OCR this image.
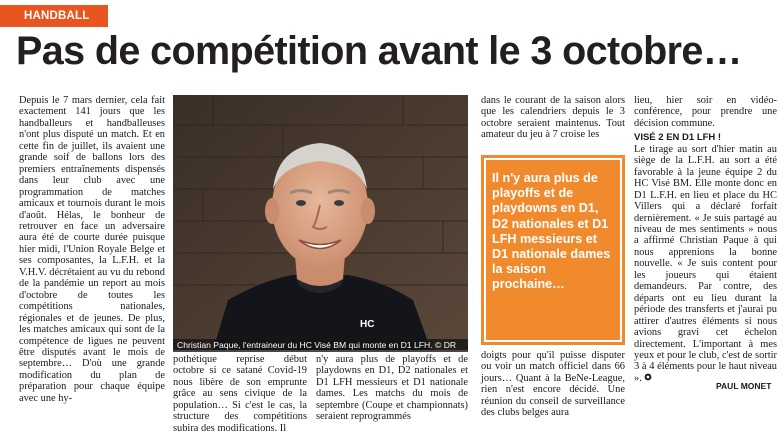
HANDBALL
Pas de compétition avant le 3 octobre…

Depuis le 7 mars dernier, cela fait exactement 141 jours que les handballeurs et handballeuses n'ont plus disputé un match. Et en cette fin de juillet, ils avaient une grande soif de ballons lors des premiers entraînements dispensés dans leur club avec une programmation de matches amicaux et tournois durant le mois d'août. Hélas, le bonheur de retrouver en face un adversaire aura été de courte durée puisque hier midi, l'Union Royale Belge et ses composantes, la L.F.H. et la V.H.V. décrétaient au vu du rebond de la pandémie un report au mois d'octobre de toutes les compétitions nationales, régionales et de jeunes. De plus, les matches amicaux qui sont de la compétence de ligues ne peuvent être disputés avant le mois de septembre… D'où une grande modification du plan de préparation pour chaque équipe avec une hy-

HC
Christian Paque, l'entraineur du HC Visé BM qui monte en D1 LFH. © DR

pothétique reprise début octobre si ce satané Covid-19 nous libère de son emprunte grâce au sens civique de la population… Si c'est le cas, la structure des compétitions subira des modifications. Il

n'y aura plus de playoffs et de playdowns en D1, D2 nationales et D1 LFH messieurs et D1 nationale dames. Les matchs du mois de septembre (Coupe et championnats) seraient reprogrammés

dans le courant de la saison alors que les calendriers depuis le 3 octobre seraient maintenus. Tout amateur du jeu à 7 croise les

Il n'y aura plus de playoffs et de playdowns en D1, D2 nationales et D1 LFH messieurs et D1 nationale dames la saison prochaine…

doigts pour qu'il puisse disputer ou voir un match officiel dans 66 jours… Quant à la BeNe-League, rien n'est encore décidé. Une réunion du conseil de surveillance des clubs belges aura

lieu, hier soir en vidéo-conférence, pour prendre une décision commune.

VISÉ 2 EN D1 LFH !

Le tirage au sort d'hier matin au siège de la L.F.H. au sort a été favorable à la jeune équipe 2 du HC Visé BM. Elle monte donc en D1 L.F.H. en lieu et place du HC Villers qui a déclaré forfait dernièrement. « Je suis partagé au niveau de mes sentiments » nous a affirmé Christian Paque à qui nous apprenions la bonne nouvelle. « Je suis content pour les joueurs qui étaient demandeurs. Par contre, des départs ont eu lieu durant la période des transferts et j'aurai pu attirer d'autres éléments si nous avions gravi cet échelon directement. L'important à mes yeux et pour le club, c'est de sortir 3 à 4 éléments pour le haut niveau ».

PAUL MONET
